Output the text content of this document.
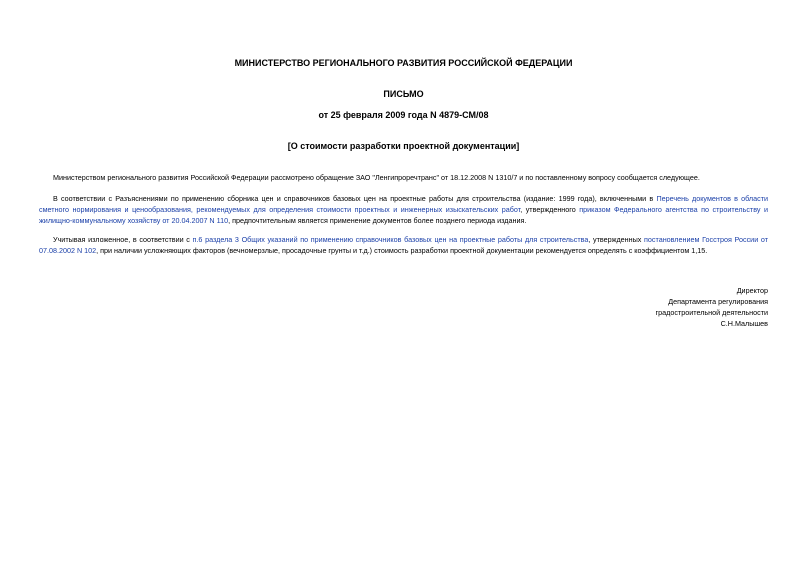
МИНИСТЕРСТВО РЕГИОНАЛЬНОГО РАЗВИТИЯ РОССИЙСКОЙ ФЕДЕРАЦИИ
ПИСЬМО
от 25 февраля 2009 года N 4879-СМ/08
[О стоимости разработки проектной документации]
Министерством регионального развития Российской Федерации рассмотрено обращение ЗАО "Ленгипроречтранс" от 18.12.2008 N 1310/7 и по поставленному вопросу сообщается следующее.
В соответствии с Разъяснениями по применению сборника цен и справочников базовых цен на проектные работы для строительства (издание: 1999 года), включенными в Перечень документов в области сметного нормирования и ценообразования, рекомендуемых для определения стоимости проектных и инженерных изыскательских работ, утвержденного приказом Федерального агентства по строительству и жилищно-коммунальному хозяйству от 20.04.2007 N 110, предпочтительным является применение документов более позднего периода издания.
Учитывая изложенное, в соответствии с п.6 раздела 3 Общих указаний по применению справочников базовых цен на проектные работы для строительства, утвержденных постановлением Госстроя России от 07.08.2002 N 102, при наличии усложняющих факторов (вечномерзлые, просадочные грунты и т.д.) стоимость разработки проектной документации рекомендуется определять с коэффициентом 1,15.
Директор
Департамента регулирования
градостроительной деятельности
С.Н.Малышев
